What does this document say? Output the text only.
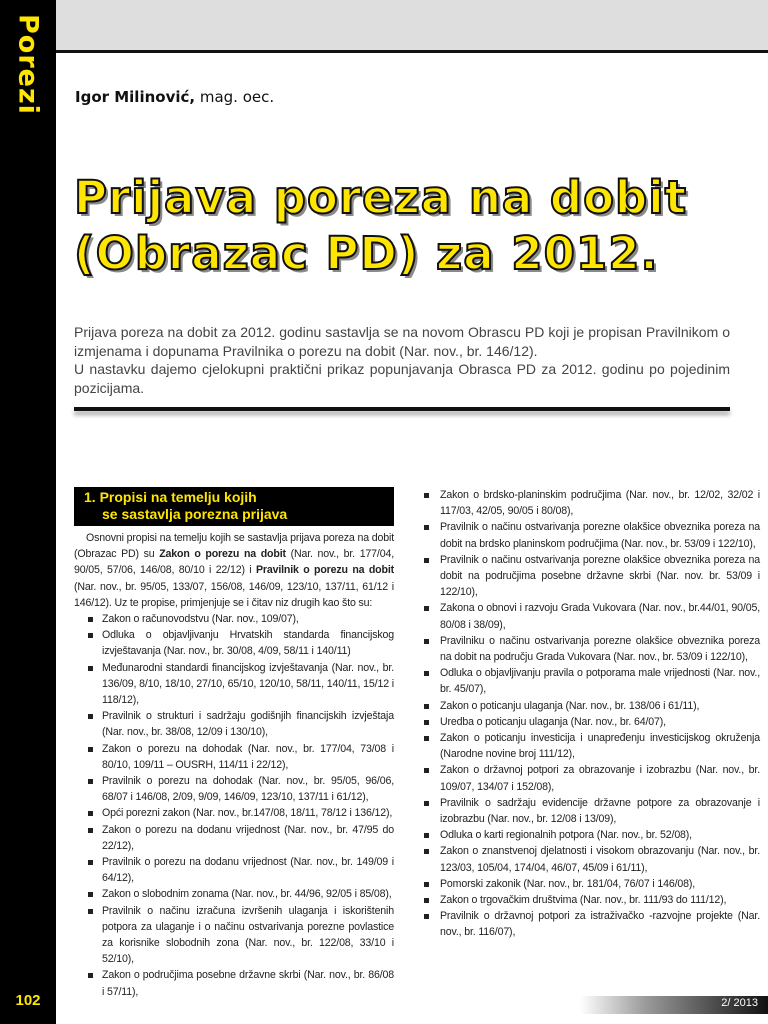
Porezi
102
Igor Milinović, mag. oec.
Prijava poreza na dobit
(Obrazac PD) za 2012.

Prijava poreza na dobit za 2012. godinu sastavlja se na novom Obrascu PD koji je propisan Pravilnikom o izmjenama i dopunama Pravilnika o porezu na dobit (Nar. nov., br. 146/12).

U nastavku dajemo cjelokupni praktični prikaz popunjavanja Obrasca PD za 2012. godinu po pojedinim pozicijama.

1. Propisi na temelju kojih
se sastavlja porezna prijava

Osnovni propisi na temelju kojih se sastavlja prijava poreza na dobit (Obrazac PD) su Zakon o porezu na dobit (Nar. nov., br. 177/04, 90/05, 57/06, 146/08, 80/10 i 22/12) i Pravilnik o porezu na dobit (Nar. nov., br. 95/05, 133/07, 156/08, 146/09, 123/10, 137/11, 61/12 i 146/12). Uz te propise, primjenjuje se i čitav niz drugih kao što su:

Zakon o računovodstvu (Nar. nov., 109/07),
Odluka o objavljivanju Hrvatskih standarda financijskog izvještavanja (Nar. nov., br. 30/08, 4/09, 58/11 i 140/11)
Međunarodni standardi financijskog izvještavanja (Nar. nov., br. 136/09, 8/10, 18/10, 27/10, 65/10, 120/10, 58/11, 140/11, 15/12 i 118/12),
Pravilnik o strukturi i sadržaju godišnjih financijskih izvještaja (Nar. nov., br. 38/08, 12/09 i 130/10),
Zakon o porezu na dohodak (Nar. nov., br. 177/04, 73/08 i 80/10, 109/11 – OUSRH, 114/11 i 22/12),
Pravilnik o porezu na dohodak (Nar. nov., br. 95/05, 96/06, 68/07 i 146/08, 2/09, 9/09, 146/09, 123/10, 137/11 i 61/12),
Opći porezni zakon (Nar. nov., br.147/08, 18/11, 78/12 i 136/12),
Zakon o porezu na dodanu vrijednost (Nar. nov., br. 47/95 do 22/12),
Pravilnik o porezu na dodanu vrijednost (Nar. nov., br. 149/09 i 64/12),
Zakon o slobodnim zonama (Nar. nov., br. 44/96, 92/05 i 85/08),
Pravilnik o načinu izračuna izvršenih ulaganja i iskorištenih potpora za ulaganje i o načinu ostvarivanja porezne povlastice za korisnike slobodnih zona (Nar. nov., br. 122/08, 33/10 i 52/10),
Zakon o područjima posebne državne skrbi (Nar. nov., br. 86/08 i 57/11),
Zakon o brdsko-planinskim područjima (Nar. nov., br. 12/02, 32/02 i 117/03, 42/05, 90/05 i 80/08),
Pravilnik o načinu ostvarivanja porezne olakšice obveznika poreza na dobit na brdsko planinskom područjima (Nar. nov., br. 53/09 i 122/10),
Pravilnik o načinu ostvarivanja porezne olakšice obveznika poreza na dobit na područjima posebne državne skrbi (Nar. nov. br. 53/09 i 122/10),
Zakona o obnovi i razvoju Grada Vukovara (Nar. nov., br.44/01, 90/05, 80/08 i 38/09),
Pravilniku o načinu ostvarivanja porezne olakšice obveznika poreza na dobit na području Grada Vukovara (Nar. nov., br. 53/09 i 122/10),
Odluka o objavljivanju pravila o potporama male vrijednosti (Nar. nov., br. 45/07),
Zakon o poticanju ulaganja (Nar. nov., br. 138/06 i 61/11),
Uredba o poticanju ulaganja (Nar. nov., br. 64/07),
Zakon o poticanju investicija i unapređenju investicijskog okruženja (Narodne novine broj 111/12),
Zakon o državnoj potpori za obrazovanje i izobrazbu (Nar. nov., br. 109/07, 134/07 i 152/08),
Pravilnik o sadržaju evidencije državne potpore za obrazovanje i izobrazbu (Nar. nov., br. 12/08 i 13/09),
Odluka o karti regionalnih potpora (Nar. nov., br. 52/08),
Zakon o znanstvenoj djelatnosti i visokom obrazovanju (Nar. nov., br. 123/03, 105/04, 174/04, 46/07, 45/09 i 61/11),
Pomorski zakonik (Nar. nov., br. 181/04, 76/07 i 146/08),
Zakon o trgovačkim društvima (Nar. nov., br. 111/93 do 111/12),
Pravilnik o državnoj potpori za istraživačko -razvojne projekte (Nar. nov., br. 116/07),
2/ 2013
